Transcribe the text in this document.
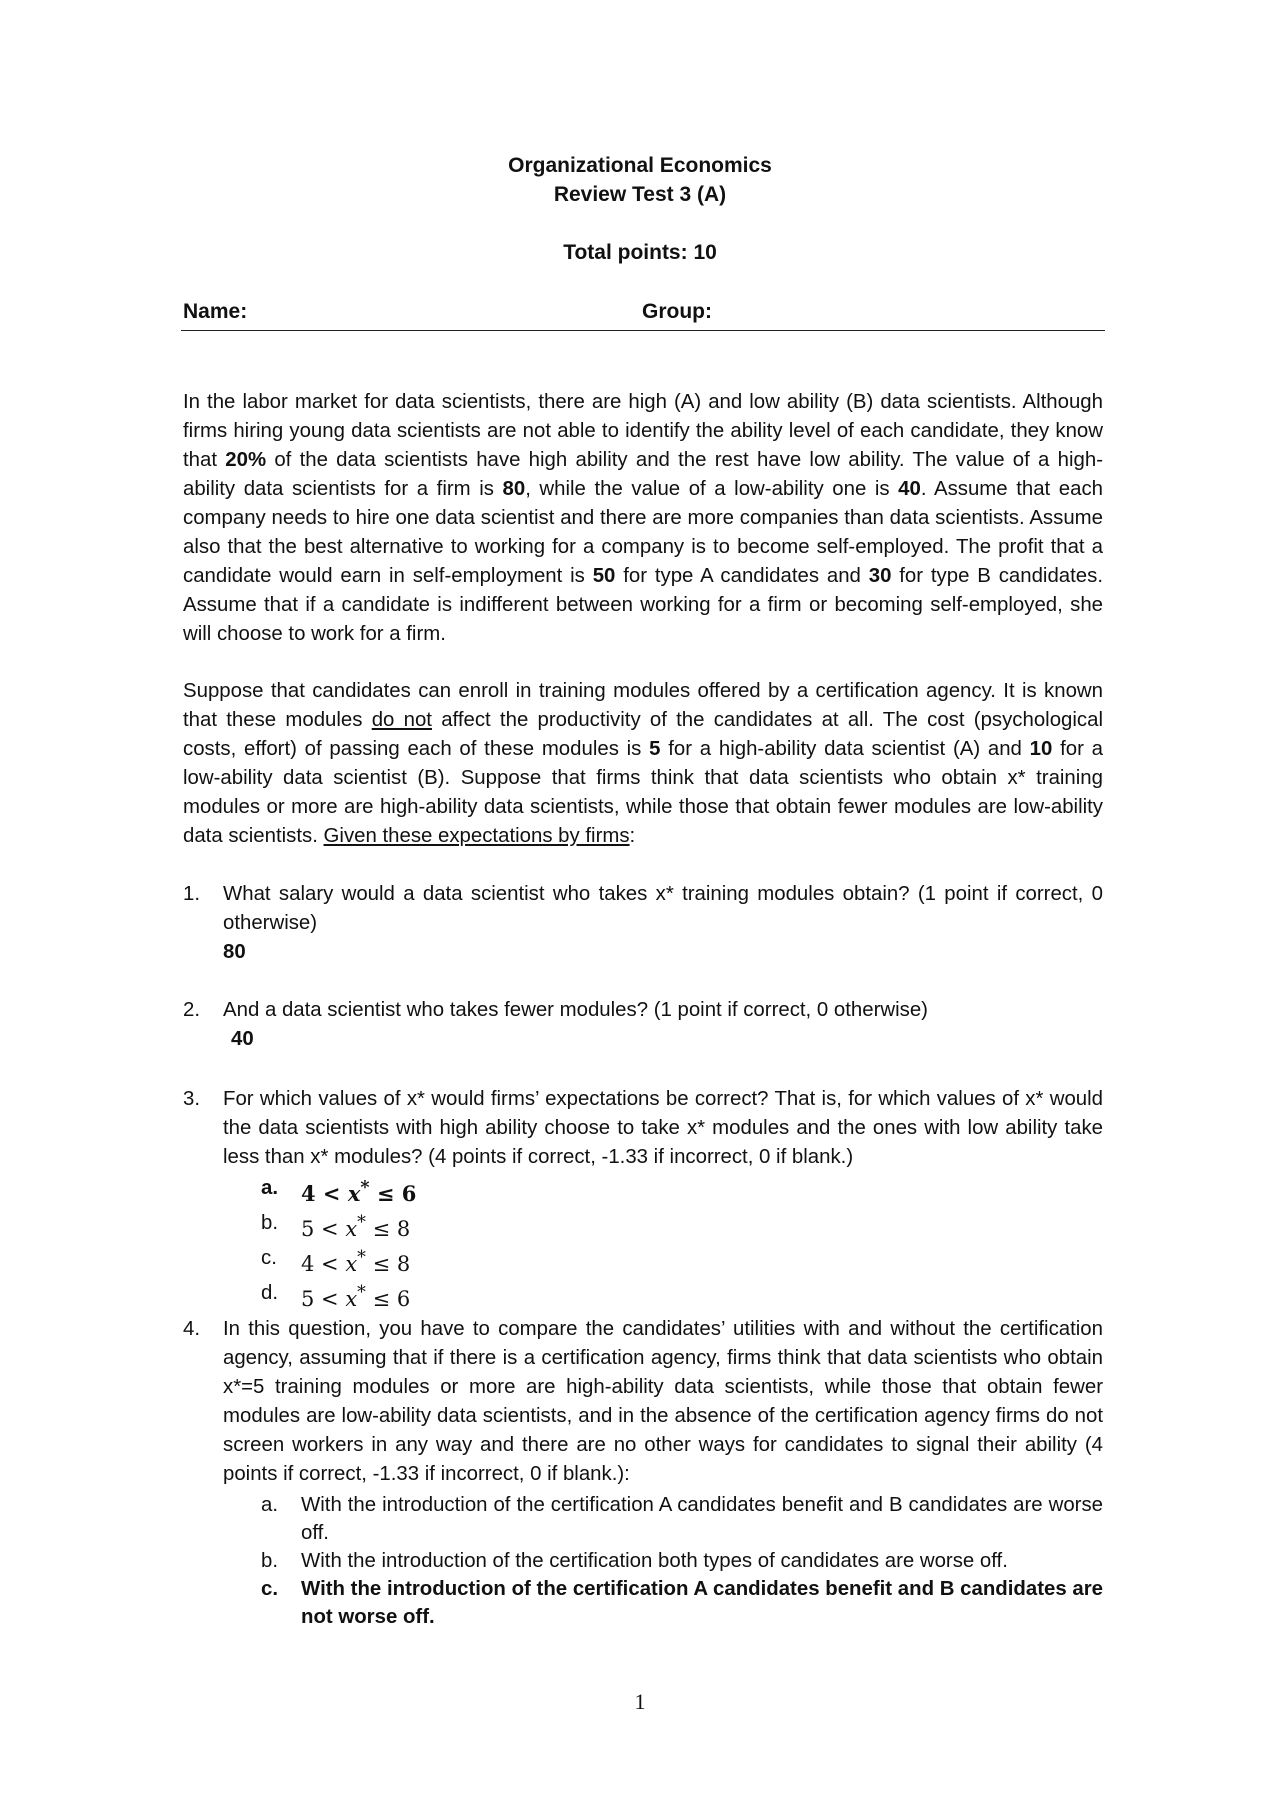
Organizational Economics
Review Test 3 (A)
Total points: 10
Name:	Group:

In the labor market for data scientists, there are high (A) and low ability (B) data scientists. Although firms hiring young data scientists are not able to identify the ability level of each candidate, they know that 20% of the data scientists have high ability and the rest have low ability. The value of a high-ability data scientists for a firm is 80, while the value of a low-ability one is 40. Assume that each company needs to hire one data scientist and there are more companies than data scientists. Assume also that the best alternative to working for a company is to become self-employed. The profit that a candidate would earn in self-employment is 50 for type A candidates and 30 for type B candidates. Assume that if a candidate is indifferent between working for a firm or becoming self-employed, she will choose to work for a firm.

Suppose that candidates can enroll in training modules offered by a certification agency. It is known that these modules do not affect the productivity of the candidates at all. The cost (psychological costs, effort) of passing each of these modules is 5 for a high-ability data scientist (A) and 10 for a low-ability data scientist (B). Suppose that firms think that data scientists who obtain x* training modules or more are high-ability data scientists, while those that obtain fewer modules are low-ability data scientists. Given these expectations by firms:

1. What salary would a data scientist who takes x* training modules obtain? (1 point if correct, 0 otherwise)
80
2. And a data scientist who takes fewer modules? (1 point if correct, 0 otherwise)
40
3. For which values of x* would firms’ expectations be correct? That is, for which values of x* would the data scientists with high ability choose to take x* modules and the ones with low ability take less than x* modules? (4 points if correct, -1.33 if incorrect, 0 if blank.)
a. 4 < x* ≤ 6
b. 5 < x* ≤ 8
c. 4 < x* ≤ 8
d. 5 < x* ≤ 6
4. In this question, you have to compare the candidates’ utilities with and without the certification agency, assuming that if there is a certification agency, firms think that data scientists who obtain x*=5 training modules or more are high-ability data scientists, while those that obtain fewer modules are low-ability data scientists, and in the absence of the certification agency firms do not screen workers in any way and there are no other ways for candidates to signal their ability (4 points if correct, -1.33 if incorrect, 0 if blank.):
a. With the introduction of the certification A candidates benefit and B candidates are worse off.
b. With the introduction of the certification both types of candidates are worse off.
c. With the introduction of the certification A candidates benefit and B candidates are not worse off.
1
